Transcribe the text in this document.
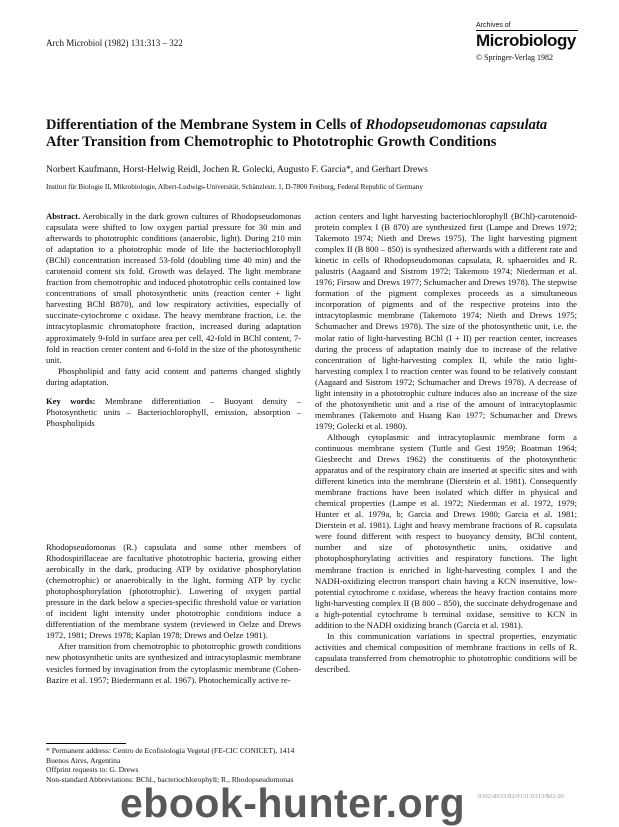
Arch Microbiol (1982) 131:313 – 322
Archives of
Microbiology
© Springer-Verlag 1982
Differentiation of the Membrane System in Cells of Rhodopseudomonas capsulata
After Transition from Chemotrophic to Phototrophic Growth Conditions
Norbert Kaufmann, Horst-Helwig Reidl, Jochen R. Golecki, Augusto F. Garcia*, and Gerhart Drews
Institut für Biologie II, Mikrobiologie, Albert-Ludwigs-Universität, Schänzlestr. 1, D-7800 Freiburg, Federal Republic of Germany

Abstract. Aerobically in the dark grown cultures of Rhodopseudomonas capsulata were shifted to low oxygen partial pressure for 30 min and afterwards to phototrophic conditions (anaerobic, light). During 210 min of adaptation to a phototrophic mode of life the bacteriochlorophyll (BChl) concentration increased 53-fold (doubling time 40 min) and the carotenoid content six fold. Growth was delayed. The light membrane fraction from chemotrophic and induced phototrophic cells contained low concentrations of small photosynthetic units (reaction center + light harvesting BChl B870), and low respiratory activities, especially of succinate-cytochrome c oxidase. The heavy membrane fraction, i.e. the intracytoplasmic chromatophore fraction, increased during adaptation approximately 9-fold in surface area per cell, 42-fold in BChl content, 7-fold in reaction center content and 6-fold in the size of the photosynthetic unit.

Phospholipid and fatty acid content and patterns changed slightly during adaptation.

Key words: Membrane differentiation – Buoyant density – Photosynthetic units – Bacteriochlorophyll, emission, absorption – Phospholipids

Rhodopseudomonas (R.) capsulata and some other members of Rhodospirillaceae are facultative phototrophic bacteria, growing either aerobically in the dark, producing ATP by oxidative phosphorylation (chemotrophic) or anaerobically in the light, forming ATP by cyclic photophosphorylation (phototrophic). Lowering of oxygen partial pressure in the dark below a species-specific threshold value or variation of incident light intensity under phototrophic conditions induce a differentiation of the membrane system (reviewed in Oelze and Drews 1972, 1981; Drews 1978; Kaplan 1978; Drews and Oelze 1981).

After transition from chemotrophic to phototrophic growth conditions new photosynthetic units are synthesized and intracytoplasmic membrane vesicles formed by invagination from the cytoplasmic membrane (Cohen-Bazire et al. 1957; Biedermann et al. 1967). Photochemically active re-

action centers and light harvesting bacteriochlorophyll (BChl)-carotenoid-protein complex I (B 870) are synthesized first (Lampe and Drews 1972; Takemoto 1974; Nieth and Drews 1975). The light harvesting pigment complex II (B 800 – 850) is synthesized afterwards with a different rate and kinetic in cells of Rhodopseudomonas capsulata, R. sphaeroides and R. palustris (Aagaard and Sistrom 1972; Takemoto 1974; Niederman et al. 1976; Firsow and Drews 1977; Schumacher and Drews 1978). The stepwise formation of the pigment complexes proceeds as a simultaneous incorporation of pigments and of the respective proteins into the intracytoplasmic membrane (Takemoto 1974; Nieth and Drews 1975; Schumacher and Drews 1978). The size of the photosynthetic unit, i.e. the molar ratio of light-harvesting BChl (I + II) per reaction center, increases during the process of adaptation mainly due to increase of the relative concentration of light-harvesting complex II, while the ratio light-harvesting complex I to reaction center was found to be relatively constant (Aagaard and Sistrom 1972; Schumacher and Drews 1978). A decrease of light intensity in a phototrophic culture induces also an increase of the size of the photosynthetic unit and a rise of the amount of intracytoplasmic membranes (Takemoto and Huang Kao 1977; Schumacher and Drews 1979; Golecki et al. 1980).

Although cytoplasmic and intracytoplasmic membrane form a continuous membrane system (Tuttle and Gest 1959; Boatman 1964; Giesbrecht and Drews 1962) the constituents of the photosynthetic apparatus and of the respiratory chain are inserted at specific sites and with different kinetics into the membrane (Dierstein et al. 1981). Consequently membrane fractions have been isolated which differ in physical and chemical properties (Lampe et al. 1972; Niederman et al. 1972, 1979; Hunter et al. 1979a, b; Garcia and Drews 1980; Garcia et al. 1981; Dierstein et al. 1981). Light and heavy membrane fractions of R. capsulata were found different with respect to buoyancy density, BChl content, number and size of photosynthetic units, oxidative and photophosphorylating activities and respiratory functions. The light membrane fraction is enriched in light-harvesting complex I and the NADH-oxidizing electron transport chain having a KCN insensitive, low-potential cytochrome c oxidase, whereas the heavy fraction contains more light-harvesting complex II (B 800 – 850), the succinate dehydrogenase and a high-potential cytochrome b terminal oxidase, sensitive to KCN in addition to the NADH oxidizing branch (Garcia et al. 1981).

In this communication variations in spectral properties, enzymatic activities and chemical composition of membrane fractions in cells of R. capsulata transferred from chemotrophic to phototrophic conditions will be described.

* Permanent address: Centro de Ecofisiologia Vegetal (FE-CIC CONICET), 1414 Buenos Aires, Argentina

Offprint requests to: G. Drews

Non-standard Abbreviations: BChl., bacteriochlorophyll; R., Rhodopseudomonas

0302-8933/82/0131/0313/$02.00
ebook-hunter.org
